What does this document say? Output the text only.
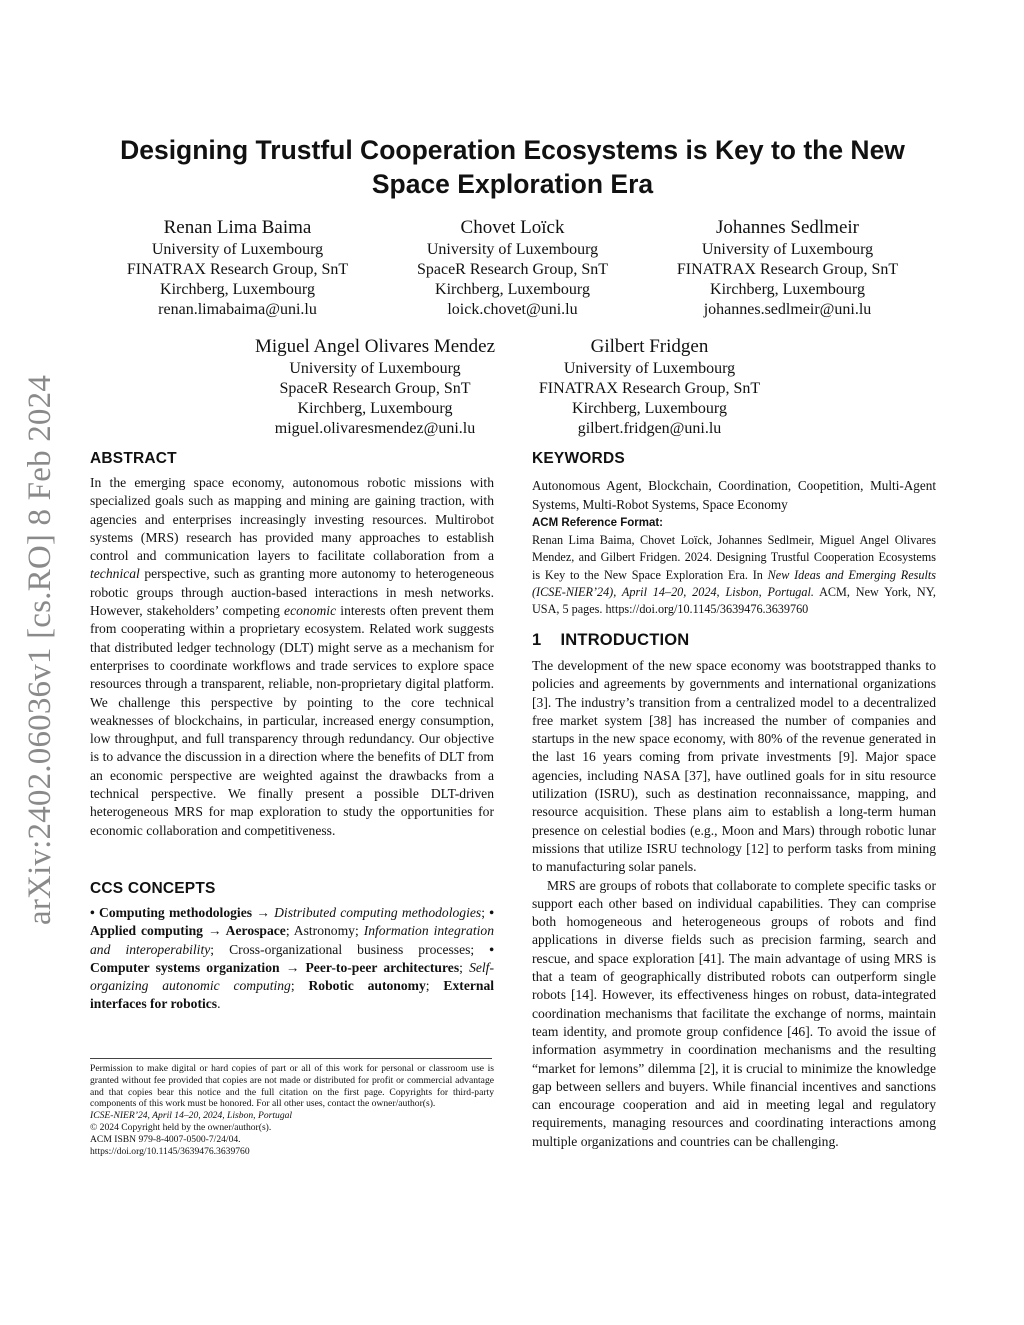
arXiv:2402.06036v1 [cs.RO] 8 Feb 2024
Designing Trustful Cooperation Ecosystems is Key to the New Space Exploration Era
Renan Lima Baima
University of Luxembourg
FINATRAX Research Group, SnT
Kirchberg, Luxembourg
renan.limabaima@uni.lu
Chovet Loïck
University of Luxembourg
SpaceR Research Group, SnT
Kirchberg, Luxembourg
loick.chovet@uni.lu
Johannes Sedlmeir
University of Luxembourg
FINATRAX Research Group, SnT
Kirchberg, Luxembourg
johannes.sedlmeir@uni.lu
Miguel Angel Olivares Mendez
University of Luxembourg
SpaceR Research Group, SnT
Kirchberg, Luxembourg
miguel.olivaresmendez@uni.lu
Gilbert Fridgen
University of Luxembourg
FINATRAX Research Group, SnT
Kirchberg, Luxembourg
gilbert.fridgen@uni.lu
ABSTRACT

In the emerging space economy, autonomous robotic missions with specialized goals such as mapping and mining are gaining traction, with agencies and enterprises increasingly investing resources. Multirobot systems (MRS) research has provided many approaches to establish control and communication layers to facilitate collaboration from a technical perspective, such as granting more autonomy to heterogeneous robotic groups through auction-based interactions in mesh networks. However, stakeholders’ competing economic interests often prevent them from cooperating within a proprietary ecosystem. Related work suggests that distributed ledger technology (DLT) might serve as a mechanism for enterprises to coordinate workflows and trade services to explore space resources through a transparent, reliable, non-proprietary digital platform. We challenge this perspective by pointing to the core technical weaknesses of blockchains, in particular, increased energy consumption, low throughput, and full transparency through redundancy. Our objective is to advance the discussion in a direction where the benefits of DLT from an economic perspective are weighted against the drawbacks from a technical perspective. We finally present a possible DLT-driven heterogeneous MRS for map exploration to study the opportunities for economic collaboration and competitiveness.

CCS CONCEPTS

• Computing methodologies → Distributed computing methodologies; • Applied computing → Aerospace; Astronomy; Information integration and interoperability; Cross-organizational business processes; • Computer systems organization → Peer-to-peer architectures; Self-organizing autonomic computing; Robotic autonomy; External interfaces for robotics.

Permission to make digital or hard copies of part or all of this work for personal or classroom use is granted without fee provided that copies are not made or distributed for profit or commercial advantage and that copies bear this notice and the full citation on the first page. Copyrights for third-party components of this work must be honored. For all other uses, contact the owner/author(s).

ICSE-NIER’24, April 14–20, 2024, Lisbon, Portugal
© 2024 Copyright held by the owner/author(s).
ACM ISBN 979-8-4007-0500-7/24/04.
https://doi.org/10.1145/3639476.3639760
KEYWORDS

Autonomous Agent, Blockchain, Coordination, Coopetition, Multi-Agent Systems, Multi-Robot Systems, Space Economy

ACM Reference Format:

Renan Lima Baima, Chovet Loïck, Johannes Sedlmeir, Miguel Angel Olivares Mendez, and Gilbert Fridgen. 2024. Designing Trustful Cooperation Ecosystems is Key to the New Space Exploration Era. In New Ideas and Emerging Results (ICSE-NIER’24), April 14–20, 2024, Lisbon, Portugal. ACM, New York, NY, USA, 5 pages. https://doi.org/10.1145/3639476.3639760

1    INTRODUCTION

The development of the new space economy was bootstrapped thanks to policies and agreements by governments and international organizations [3]. The industry’s transition from a centralized model to a decentralized free market system [38] has increased the number of companies and startups in the new space economy, with 80% of the revenue generated in the last 16 years coming from private investments [9]. Major space agencies, including NASA [37], have outlined goals for in situ resource utilization (ISRU), such as destination reconnaissance, mapping, and resource acquisition. These plans aim to establish a long-term human presence on celestial bodies (e.g., Moon and Mars) through robotic lunar missions that utilize ISRU technology [12] to perform tasks from mining to manufacturing solar panels.

MRS are groups of robots that collaborate to complete specific tasks or support each other based on individual capabilities. They can comprise both homogeneous and heterogeneous groups of robots and find applications in diverse fields such as precision farming, search and rescue, and space exploration [41]. The main advantage of using MRS is that a team of geographically distributed robots can outperform single robots [14]. However, its effectiveness hinges on robust, data-integrated coordination mechanisms that facilitate the exchange of norms, maintain team identity, and promote group confidence [46]. To avoid the issue of information asymmetry in coordination mechanisms and the resulting “market for lemons” dilemma [2], it is crucial to minimize the knowledge gap between sellers and buyers. While financial incentives and sanctions can encourage cooperation and aid in meeting legal and regulatory requirements, managing resources and coordinating interactions among multiple organizations and countries can be challenging.
